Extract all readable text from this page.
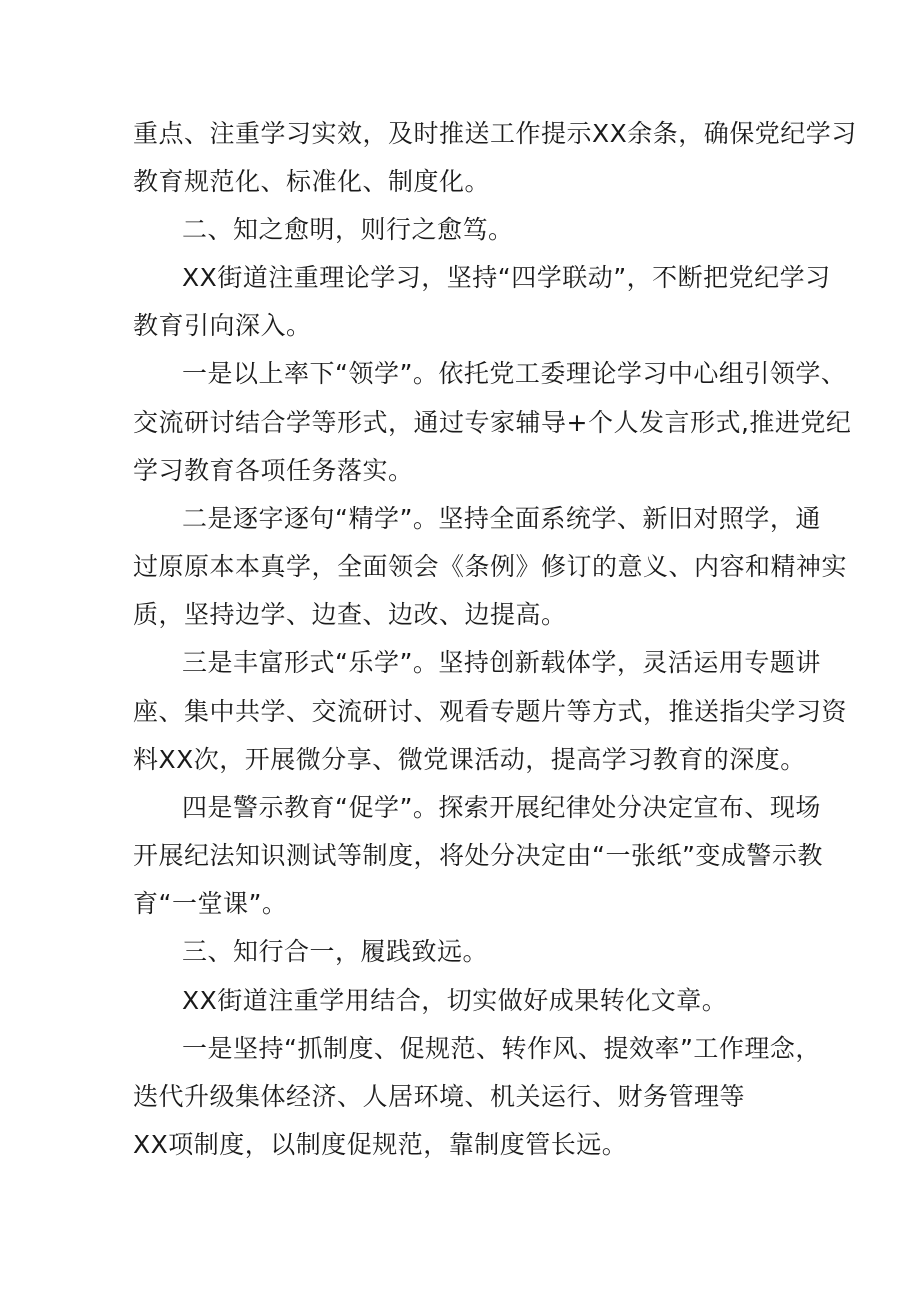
重点、注重学习实效，及时推送工作提示XX余条，确保党纪学习
教育规范化、标准化、制度化。
二、知之愈明，则行之愈笃。
XX街道注重理论学习，坚持“四学联动”，不断把党纪学习
教育引向深入。
一是以上率下“领学”。依托党工委理论学习中心组引领学、
交流研讨结合学等形式，通过专家辅导+个人发言形式,推进党纪
学习教育各项任务落实。
二是逐字逐句“精学”。坚持全面系统学、新旧对照学，通
过原原本本真学，全面领会《条例》修订的意义、内容和精神实
质，坚持边学、边查、边改、边提高。
三是丰富形式“乐学”。坚持创新载体学，灵活运用专题讲
座、集中共学、交流研讨、观看专题片等方式，推送指尖学习资
料XX次，开展微分享、微党课活动，提高学习教育的深度。
四是警示教育“促学”。探索开展纪律处分决定宣布、现场
开展纪法知识测试等制度，将处分决定由“一张纸”变成警示教
育“一堂课”。
三、知行合一，履践致远。
XX街道注重学用结合，切实做好成果转化文章。
一是坚持“抓制度、促规范、转作风、提效率”工作理念，
迭代升级集体经济、人居环境、机关运行、财务管理等
XX项制度，以制度促规范，靠制度管长远。
